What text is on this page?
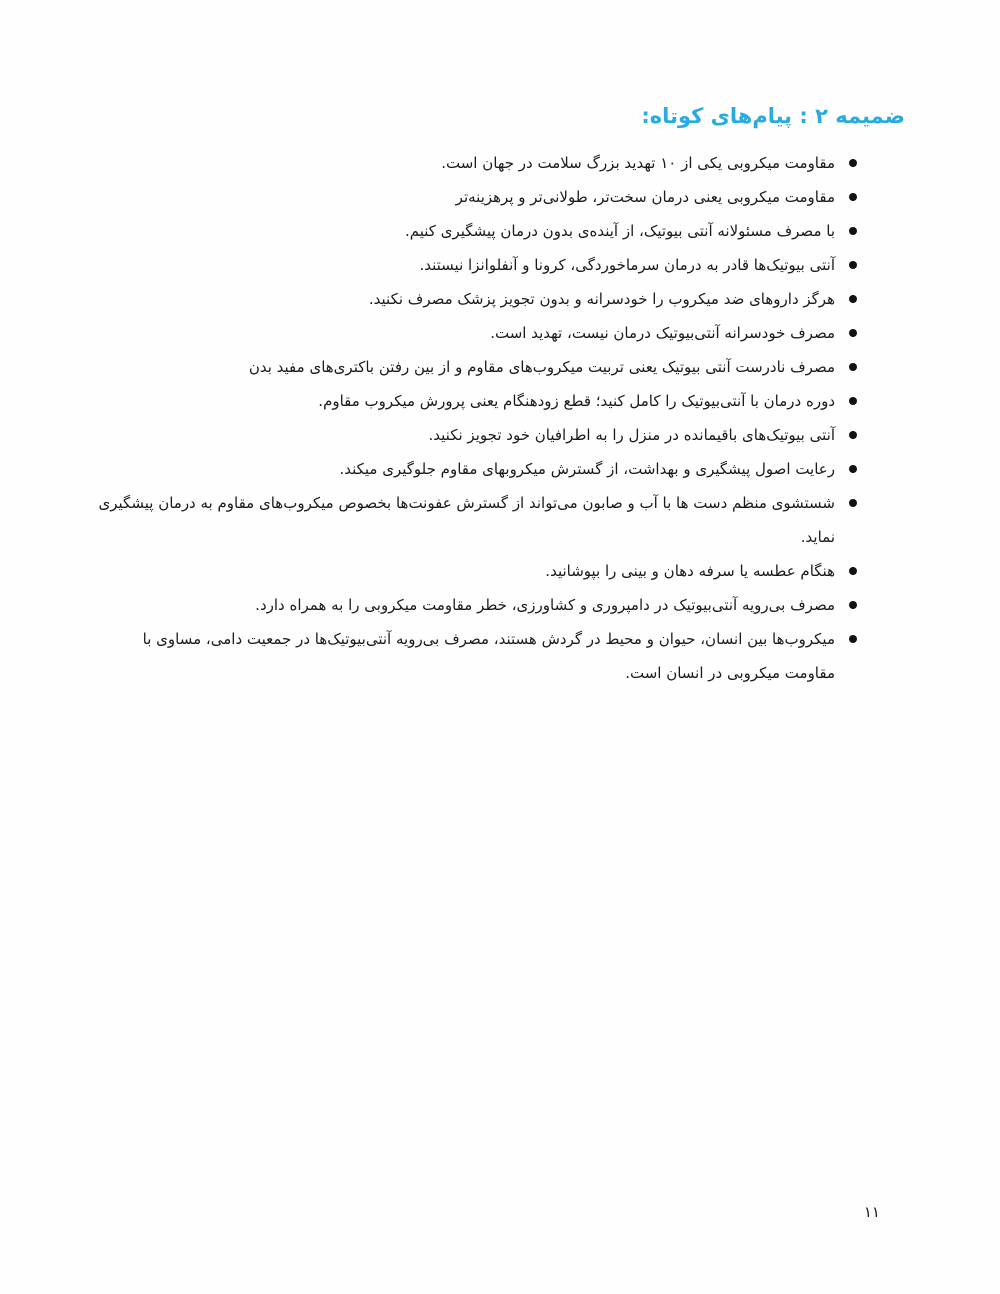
ضمیمه ۲ : پیام‌های کوتاه:
مقاومت میکروبی یکی از ۱۰ تهدید بزرگ سلامت در جهان است.
مقاومت میکروبی یعنی درمان سخت‌تر، طولانی‌تر و پرهزینه‌تر
با مصرف مسئولانه آنتی بیوتیک، از آینده‌ی بدون درمان پیشگیری کنیم.
آنتی بیوتیک‌ها قادر به درمان سرماخوردگی، کرونا و آنفلوانزا نیستند.
هرگز داروهای ضد میکروب را خودسرانه و بدون تجویز پزشک مصرف نکنید.
مصرف خودسرانه آنتی‌بیوتیک درمان نیست، تهدید است.
مصرف نادرست آنتی بیوتیک یعنی تربیت میکروب‌های مقاوم و از بین رفتن باکتری‌های مفید بدن
دوره درمان با آنتی‌بیوتیک را کامل کنید؛ قطع زودهنگام یعنی پرورش میکروب مقاوم.
آنتی بیوتیک‌های باقیمانده در منزل را به اطرافیان خود تجویز نکنید.
رعایت اصول پیشگیری و بهداشت، از گسترش میکروبهای مقاوم جلوگیری میکند.
شستشوی منظم دست ها با آب و صابون می‌تواند از گسترش عفونت‌ها بخصوص میکروب‌های مقاوم به درمان پیشگیری نماید.
هنگام عطسه یا سرفه دهان و بینی را بپوشانید.
مصرف بی‌رویه آنتی‌بیوتیک در دامپروری و کشاورزی، خطر مقاومت میکروبی را به همراه دارد.
میکروب‌ها بین انسان، حیوان و محیط در گردش هستند، مصرف بی‌رویه آنتی‌بیوتیک‌ها در جمعیت دامی، مساوی با مقاومت میکروبی در انسان است.
۱۱
